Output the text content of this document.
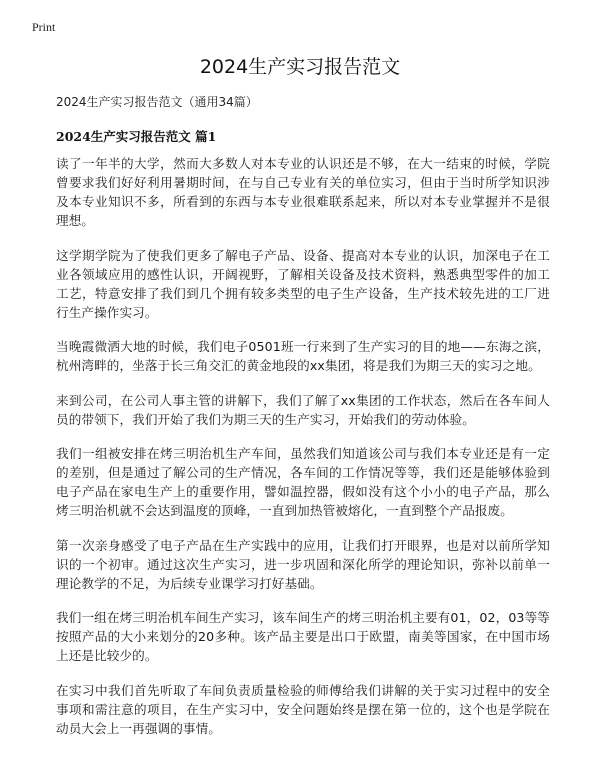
Print
2024生产实习报告范文
2024生产实习报告范文（通用34篇）
2024生产实习报告范文 篇1

读了一年半的大学，然而大多数人对本专业的认识还是不够，在大一结束的时候，学院曾要求我们好好利用暑期时间，在与自己专业有关的单位实习，但由于当时所学知识涉及本专业知识不多，所看到的东西与本专业很难联系起来，所以对本专业掌握并不是很理想。

这学期学院为了使我们更多了解电子产品、设备、提高对本专业的认识，加深电子在工业各领域应用的感性认识，开阔视野，了解相关设备及技术资料，熟悉典型零件的加工工艺，特意安排了我们到几个拥有较多类型的电子生产设备，生产技术较先进的工厂进行生产操作实习。

当晚霞微洒大地的时候，我们电子0501班一行来到了生产实习的目的地——东海之滨，杭州湾畔的，坐落于长三角交汇的黄金地段的xx集团，将是我们为期三天的实习之地。

来到公司，在公司人事主管的讲解下，我们了解了xx集团的工作状态，然后在各车间人员的带领下，我们开始了我们为期三天的生产实习，开始我们的劳动体验。

我们一组被安排在烤三明治机生产车间，虽然我们知道该公司与我们本专业还是有一定的差别，但是通过了解公司的生产情况，各车间的工作情况等等，我们还是能够体验到电子产品在家电生产上的重要作用，譬如温控器，假如没有这个小小的电子产品，那么烤三明治机就不会达到温度的顶峰，一直到加热管被熔化，一直到整个产品报废。

第一次亲身感受了电子产品在生产实践中的应用，让我们打开眼界，也是对以前所学知识的一个初审。通过这次生产实习，进一步巩固和深化所学的理论知识，弥补以前单一理论教学的不足，为后续专业课学习打好基础。

我们一组在烤三明治机车间生产实习，该车间生产的烤三明治机主要有01，02，03等等按照产品的大小来划分的20多种。该产品主要是出口于欧盟，南美等国家，在中国市场上还是比较少的。

在实习中我们首先听取了车间负责质量检验的师傅给我们讲解的关于实习过程中的安全事项和需注意的项目，在生产实习中，安全问题始终是摆在第一位的，这个也是学院在动员大会上一再强调的事情。
